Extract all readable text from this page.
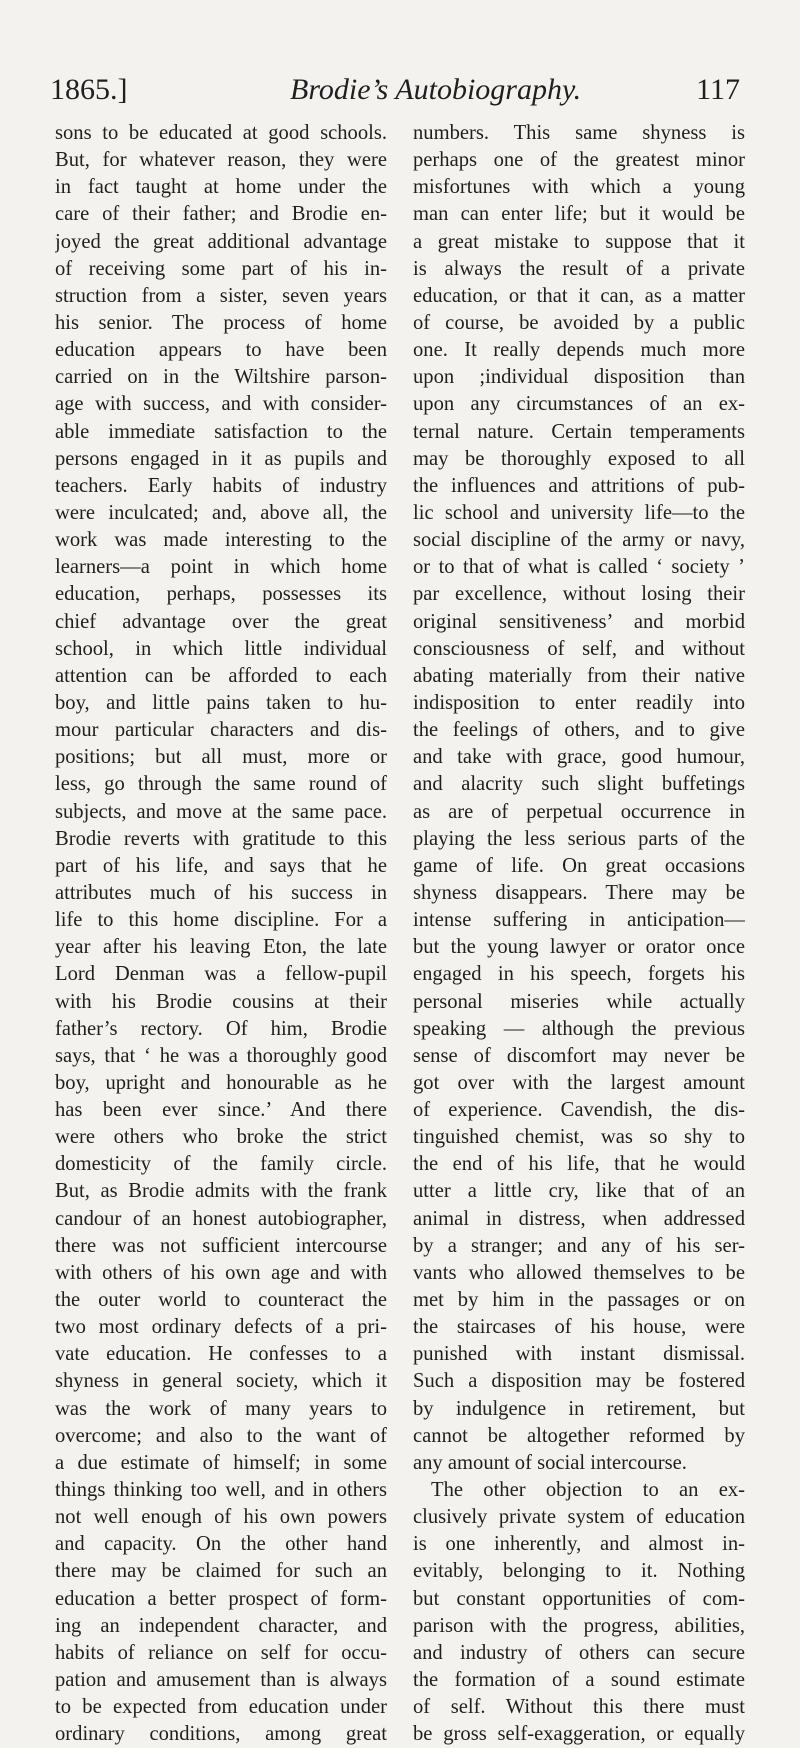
1865.]	Brodie’s Autobiography.	117
sons to be educated at good schools.
But, for whatever reason, they were
in fact taught at home under the
care of their father; and Brodie en-
joyed the great additional advantage
of receiving some part of his in-
struction from a sister, seven years
his senior. The process of home
education appears to have been
carried on in the Wiltshire parson-
age with success, and with consider-
able immediate satisfaction to the
persons engaged in it as pupils and
teachers. Early habits of industry
were inculcated; and, above all, the
work was made interesting to the
learners—a point in which home
education, perhaps, possesses its
chief advantage over the great
school, in which little individual
attention can be afforded to each
boy, and little pains taken to hu-
mour particular characters and dis-
positions; but all must, more or
less, go through the same round of
subjects, and move at the same pace.
Brodie reverts with gratitude to this
part of his life, and says that he
attributes much of his success in
life to this home discipline. For a
year after his leaving Eton, the late
Lord Denman was a fellow-pupil
with his Brodie cousins at their
father’s rectory. Of him, Brodie
says, that ‘ he was a thoroughly good
boy, upright and honourable as he
has been ever since.’ And there
were others who broke the strict
domesticity of the family circle.
But, as Brodie admits with the frank
candour of an honest autobiographer,
there was not sufficient intercourse
with others of his own age and with
the outer world to counteract the
two most ordinary defects of a pri-
vate education. He confesses to a
shyness in general society, which it
was the work of many years to
overcome; and also to the want of
a due estimate of himself; in some
things thinking too well, and in others
not well enough of his own powers
and capacity. On the other hand
there may be claimed for such an
education a better prospect of form-
ing an independent character, and
habits of reliance on self for occu-
pation and amusement than is always
to be expected from education under
ordinary conditions, among great
numbers. This same shyness is
perhaps one of the greatest minor
misfortunes with which a young
man can enter life; but it would be
a great mistake to suppose that it
is always the result of a private
education, or that it can, as a matter
of course, be avoided by a public
one. It really depends much more
upon ;individual disposition than
upon any circumstances of an ex-
ternal nature. Certain temperaments
may be thoroughly exposed to all
the influences and attritions of pub-
lic school and university life—to the
social discipline of the army or navy,
or to that of what is called ‘ society ’
par excellence, without losing their
original sensitiveness’ and morbid
consciousness of self, and without
abating materially from their native
indisposition to enter readily into
the feelings of others, and to give
and take with grace, good humour,
and alacrity such slight buffetings
as are of perpetual occurrence in
playing the less serious parts of the
game of life. On great occasions
shyness disappears. There may be
intense suffering in anticipation—
but the young lawyer or orator once
engaged in his speech, forgets his
personal miseries while actually
speaking — although the previous
sense of discomfort may never be
got over with the largest amount
of experience. Cavendish, the dis-
tinguished chemist, was so shy to
the end of his life, that he would
utter a little cry, like that of an
animal in distress, when addressed
by a stranger; and any of his ser-
vants who allowed themselves to be
met by him in the passages or on
the staircases of his house, were
punished with instant dismissal.
Such a disposition may be fostered
by indulgence in retirement, but
cannot be altogether reformed by
any amount of social intercourse.
The other objection to an ex-
clusively private system of education
is one inherently, and almost in-
evitably, belonging to it. Nothing
but constant opportunities of com-
parison with the progress, abilities,
and industry of others can secure
the formation of a sound estimate
of self. Without this there must
be gross self-exaggeration, or equally
